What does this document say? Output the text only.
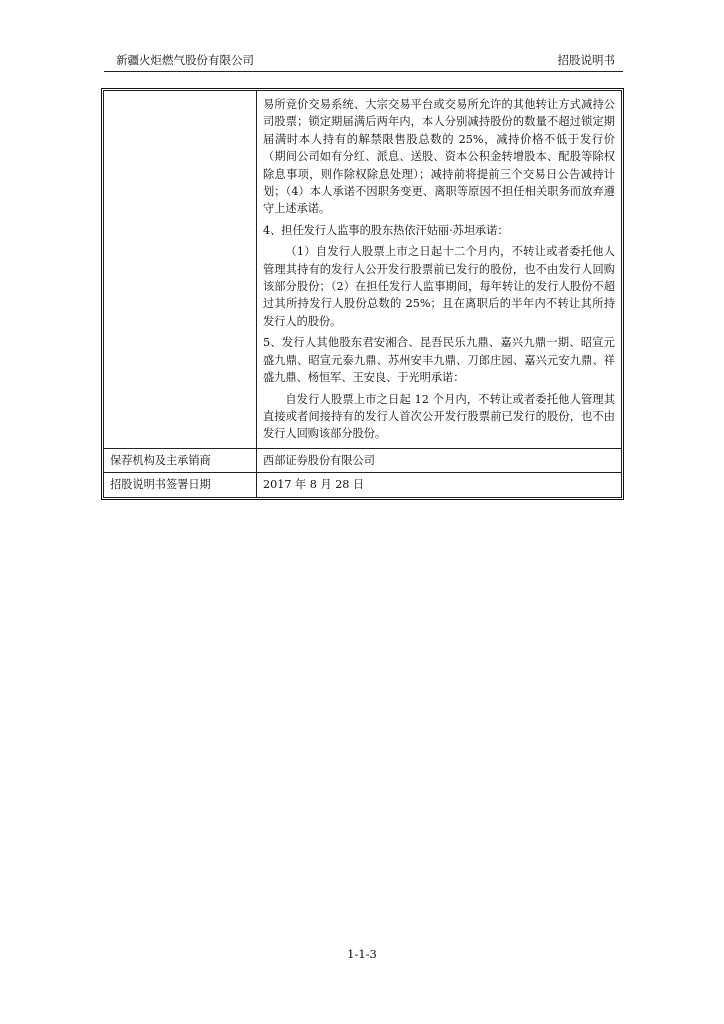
新疆火炬燃气股份有限公司	招股说明书

	易所竞价交易系统、大宗交易平台或交易所允许的其他转让方式减持公司股票；锁定期届满后两年内，本人分别减持股份的数量不超过锁定期届满时本人持有的解禁限售股总数的 25%，减持价格不低于发行价（期间公司如有分红、派息、送股、资本公积金转增股本、配股等除权除息事项，则作除权除息处理）；减持前将提前三个交易日公告减持计划；（4）本人承诺不因职务变更、离职等原因不担任相关职务而放弃遵守上述承诺。
4、担任发行人监事的股东热依汗姑丽·苏坦承诺：
（1）自发行人股票上市之日起十二个月内，不转让或者委托他人管理其持有的发行人公开发行股票前已发行的股份，也不由发行人回购该部分股份；（2）在担任发行人监事期间，每年转让的发行人股份不超过其所持发行人股份总数的 25%；且在离职后的半年内不转让其所持发行人的股份。
5、发行人其他股东君安湘合、昆吾民乐九鼎、嘉兴九鼎一期、昭宣元盛九鼎、昭宣元泰九鼎、苏州安丰九鼎、刀郎庄园、嘉兴元安九鼎、祥盛九鼎、杨恒军、王安良、于光明承诺：
自发行人股票上市之日起 12 个月内，不转让或者委托他人管理其直接或者间接持有的发行人首次公开发行股票前已发行的股份，也不由发行人回购该部分股份。

保荐机构及主承销商	西部证券股份有限公司
招股说明书签署日期	2017 年 8 月 28 日
1-1-3
